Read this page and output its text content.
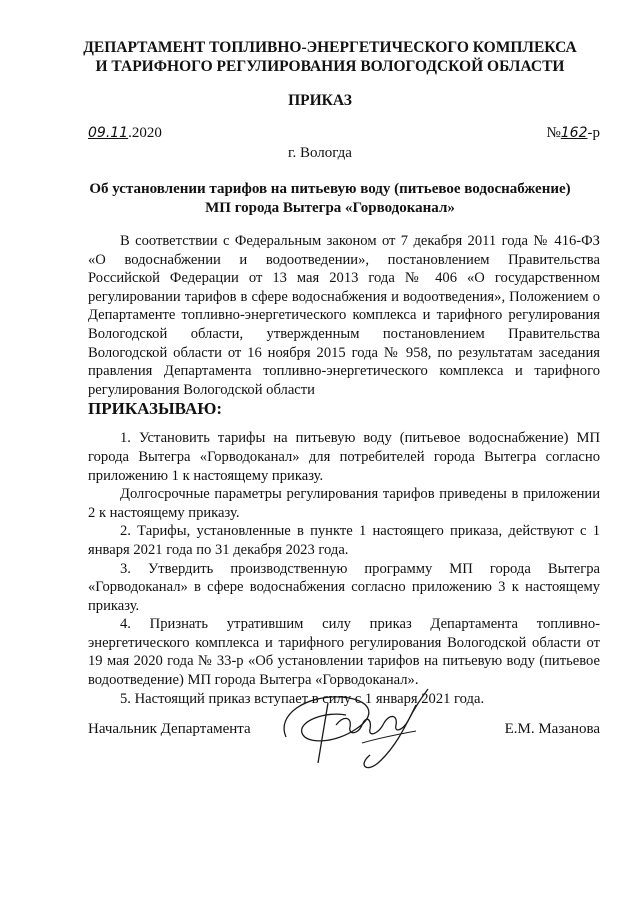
ДЕПАРТАМЕНТ ТОПЛИВНО-ЭНЕРГЕТИЧЕСКОГО КОМПЛЕКСА
И ТАРИФНОГО РЕГУЛИРОВАНИЯ ВОЛОГОДСКОЙ ОБЛАСТИ
ПРИКАЗ
09.11.2020	№162-р
г. Вологда
Об установлении тарифов на питьевую воду (питьевое водоснабжение)
МП города Вытегра «Горводоканал»

В соответствии с Федеральным законом от 7 декабря 2011 года № 416-ФЗ «О водоснабжении и водоотведении», постановлением Правительства Российской Федерации от 13 мая 2013 года № 406 «О государственном регулировании тарифов в сфере водоснабжения и водоотведения», Положением о Департаменте топливно-энергетического комплекса и тарифного регулирования Вологодской области, утвержденным постановлением Правительства Вологодской области от 16 ноября 2015 года № 958, по результатам заседания правления Департамента топливно-энергетического комплекса и тарифного регулирования Вологодской области

ПРИКАЗЫВАЮ:

1. Установить тарифы на питьевую воду (питьевое водоснабжение) МП города Вытегра «Горводоканал» для потребителей города Вытегра согласно приложению 1 к настоящему приказу.

Долгосрочные параметры регулирования тарифов приведены в приложении 2 к настоящему приказу.

2. Тарифы, установленные в пункте 1 настоящего приказа, действуют с 1 января 2021 года по 31 декабря 2023 года.

3. Утвердить производственную программу МП города Вытегра «Горводоканал» в сфере водоснабжения согласно приложению 3 к настоящему приказу.

4. Признать утратившим силу приказ Департамента топливно-энергетического комплекса и тарифного регулирования Вологодской области от 19 мая 2020 года № 33-р «Об установлении тарифов на питьевую воду (питьевое водоотведение) МП города Вытегра «Горводоканал».

5. Настоящий приказ вступает в силу с 1 января 2021 года.

Начальник Департамента	Е.М. Мазанова
